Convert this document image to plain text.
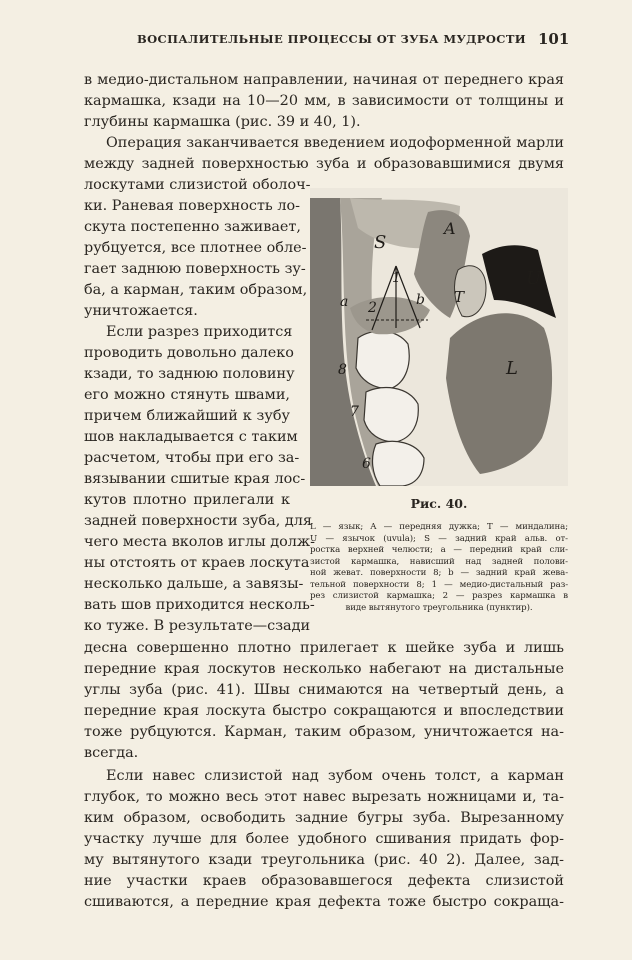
ВОСПАЛИТЕЛЬНЫЕ ПРОЦЕССЫ ОТ ЗУБА МУДРОСТИ 101
в медио-дистальном направлении, начиная от переднего края
кармашка, кзади на 10—20 мм, в зависимости от толщины и
глубины кармашка (рис. 39 и 40, 1).
Операция заканчивается введением иодоформенной марли
между задней поверхностью зуба и образовавшимися двумя
лоскутами слизистой оболоч-
ки. Раневая поверхность ло-
скута постепенно заживает,
рубцуется, все плотнее обле-
гает заднюю поверхность зу-
ба, а карман, таким образом,
уничтожается.
Если разрез приходится
проводить довольно далеко
кзади, то заднюю половину
его можно стянуть швами,
причем ближайший к зубу
шов накладывается с таким
расчетом, чтобы при его за-
вязывании сшитые края лос-
кутов плотно прилегали к
задней поверхности зуба, для
чего места вколов иглы долж-
ны отстоять от краев лоскута
несколько дальше, а завязы-
вать шов приходится несколь-
ко туже. В результате—сзади
десна совершенно плотно прилегает к шейке зуба и лишь
передние края лоскутов несколько набегают на дистальные
углы зуба (рис. 41). Швы снимаются на четвертый день, а
передние края лоскута быстро сокращаются и впоследствии
тоже рубцуются. Карман, таким образом, уничтожается на-
всегда.
Если навес слизистой над зубом очень толст, а карман
глубок, то можно весь этот навес вырезать ножницами и, та-
ким образом, освободить задние бугры зуба. Вырезанному
участку лучше для более удобного сшивания придать фор-
му вытянутого кзади треугольника (рис. 40 2). Далее, зад-
ние участки краев образовавшегося дефекта слизистой
сшиваются, а передние края дефекта тоже быстро сокраща-
S
A
U
T
L
1
2
a	b
8
7
6
Рис. 40.
L — язык; A — передняя дужка; T — миндалина;
U — язычок (uvula); S — задний край альв. от-
ростка верхней челюсти; a — передний край сли-
зистой кармашка, нависший над задней полови-
ной жеват. поверхности 8; b — задний край жева-
тельной поверхности 8; 1 — медио-дистальный раз-
рез слизистой кармашка; 2 — разрез кармашка в
виде вытянутого треугольника (пунктир).
